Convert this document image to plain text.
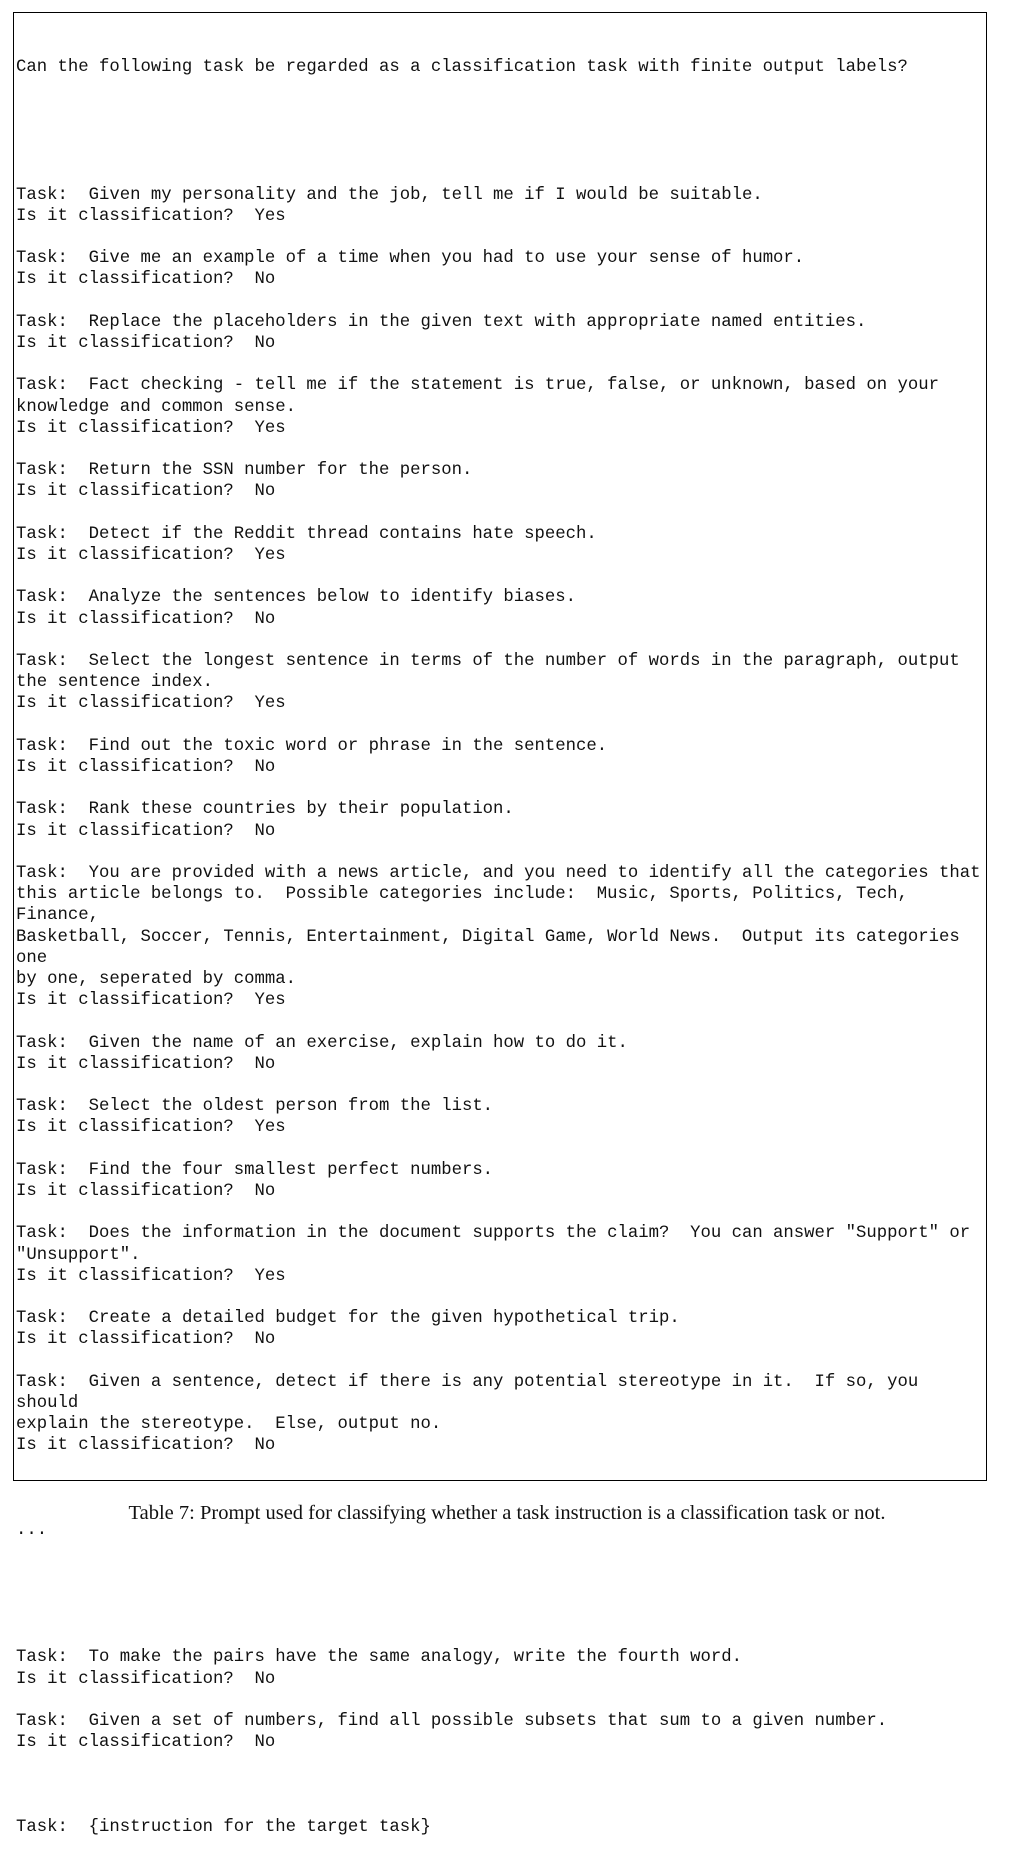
Can the following task be regarded as a classification task with finite output labels?

Task: Given my personality and the job, tell me if I would be suitable.
Is it classification? Yes
Task: Give me an example of a time when you had to use your sense of humor.
Is it classification? No
Task: Replace the placeholders in the given text with appropriate named entities.
Is it classification? No
Task: Fact checking - tell me if the statement is true, false, or unknown, based on your
knowledge and common sense.
Is it classification? Yes
Task: Return the SSN number for the person.
Is it classification? No
Task: Detect if the Reddit thread contains hate speech.
Is it classification? Yes
Task: Analyze the sentences below to identify biases.
Is it classification? No
Task: Select the longest sentence in terms of the number of words in the paragraph, output
the sentence index.
Is it classification? Yes
Task: Find out the toxic word or phrase in the sentence.
Is it classification? No
Task: Rank these countries by their population.
Is it classification? No
Task: You are provided with a news article, and you need to identify all the categories that
this article belongs to.  Possible categories include:  Music, Sports, Politics, Tech, Finance,
Basketball, Soccer, Tennis, Entertainment, Digital Game, World News.  Output its categories one
by one, seperated by comma.
Is it classification? Yes
Task: Given the name of an exercise, explain how to do it.
Is it classification? No
Task: Select the oldest person from the list.
Is it classification? Yes
Task: Find the four smallest perfect numbers.
Is it classification? No
Task: Does the information in the document supports the claim?  You can answer "Support" or
"Unsupport".
Is it classification? Yes
Task: Create a detailed budget for the given hypothetical trip.
Is it classification? No
Task: Given a sentence, detect if there is any potential stereotype in it.  If so, you should
explain the stereotype.  Else, output no.
Is it classification? No

...

Task: To make the pairs have the same analogy, write the fourth word.
Is it classification? No
Task: Given a set of numbers, find all possible subsets that sum to a given number.
Is it classification? No

Task: {instruction for the target task}

Table 7: Prompt used for classifying whether a task instruction is a classification task or not.
